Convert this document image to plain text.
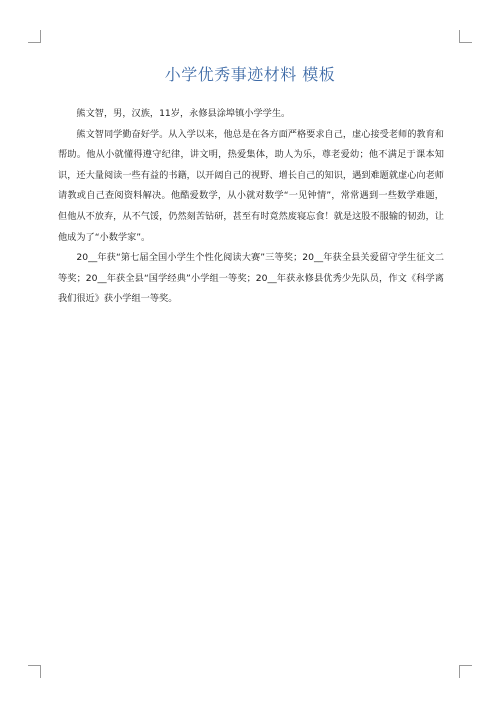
小学优秀事迹材料 模板

熊文智，男，汉族，11岁，永修县涂埠镇小学学生。

熊文智同学勤奋好学。从入学以来，他总是在各方面严格要求自己，虚心接受老师的教育和帮助。他从小就懂得遵守纪律，讲文明，热爱集体，助人为乐，尊老爱幼；他不满足于课本知识，还大量阅读一些有益的书籍，以开阔自己的视野、增长自己的知识，遇到难题就虚心向老师请教或自己查阅资料解决。他酷爱数学，从小就对数学“一见钟情”，常常遇到一些数学难题，但他从不放弃，从不气馁，仍然刻苦钻研，甚至有时竟然废寝忘食！就是这股不服输的韧劲，让他成为了“小数学家”。

20__年获“第七届全国小学生个性化阅读大赛”三等奖；20__年获全县关爱留守学生征文二等奖；20__年获全县“国学经典”小学组一等奖；20__年获永修县优秀少先队员，作文《科学离我们很近》获小学组一等奖。
